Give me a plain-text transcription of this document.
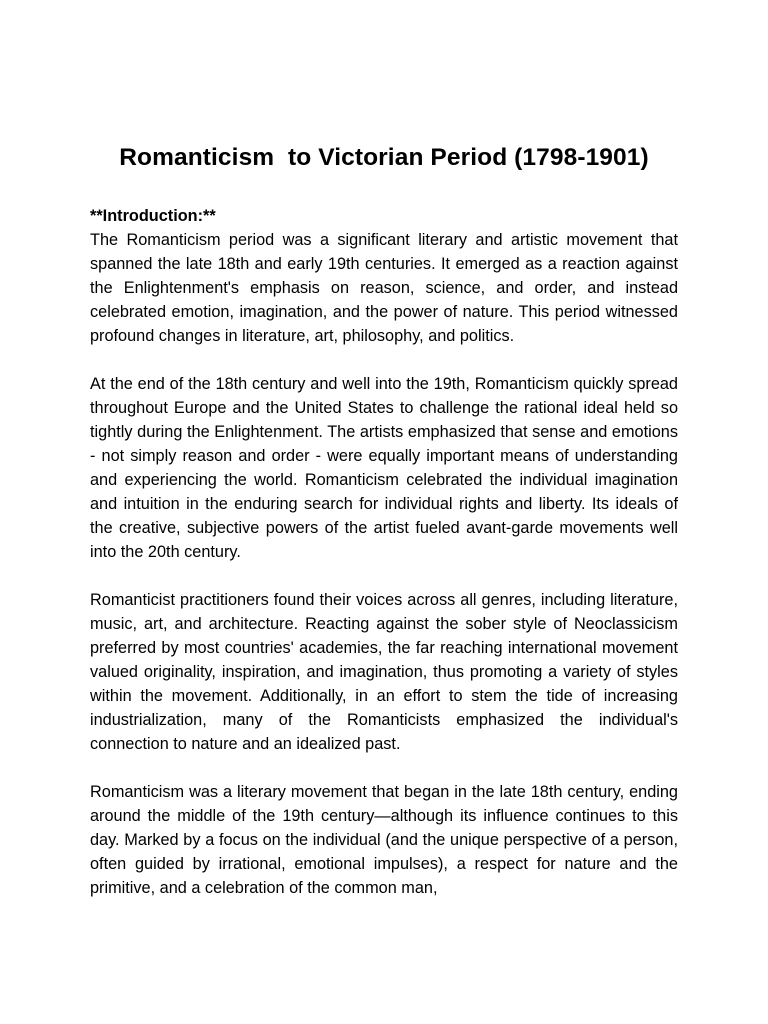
Romanticism  to Victorian Period (1798-1901)

**Introduction:**

The Romanticism period was a significant literary and artistic movement that spanned the late 18th and early 19th centuries. It emerged as a reaction against the Enlightenment's emphasis on reason, science, and order, and instead celebrated emotion, imagination, and the power of nature. This period witnessed profound changes in literature, art, philosophy, and politics.

At the end of the 18th century and well into the 19th, Romanticism quickly spread throughout Europe and the United States to challenge the rational ideal held so tightly during the Enlightenment. The artists emphasized that sense and emotions - not simply reason and order - were equally important means of understanding and experiencing the world. Romanticism celebrated the individual imagination and intuition in the enduring search for individual rights and liberty. Its ideals of the creative, subjective powers of the artist fueled avant-garde movements well into the 20th century.

Romanticist practitioners found their voices across all genres, including literature, music, art, and architecture. Reacting against the sober style of Neoclassicism preferred by most countries' academies, the far reaching international movement valued originality, inspiration, and imagination, thus promoting a variety of styles within the movement. Additionally, in an effort to stem the tide of increasing industrialization, many of the Romanticists emphasized the individual's connection to nature and an idealized past.

Romanticism was a literary movement that began in the late 18th century, ending around the middle of the 19th century—although its influence continues to this day. Marked by a focus on the individual (and the unique perspective of a person, often guided by irrational, emotional impulses), a respect for nature and the primitive, and a celebration of the common man,
